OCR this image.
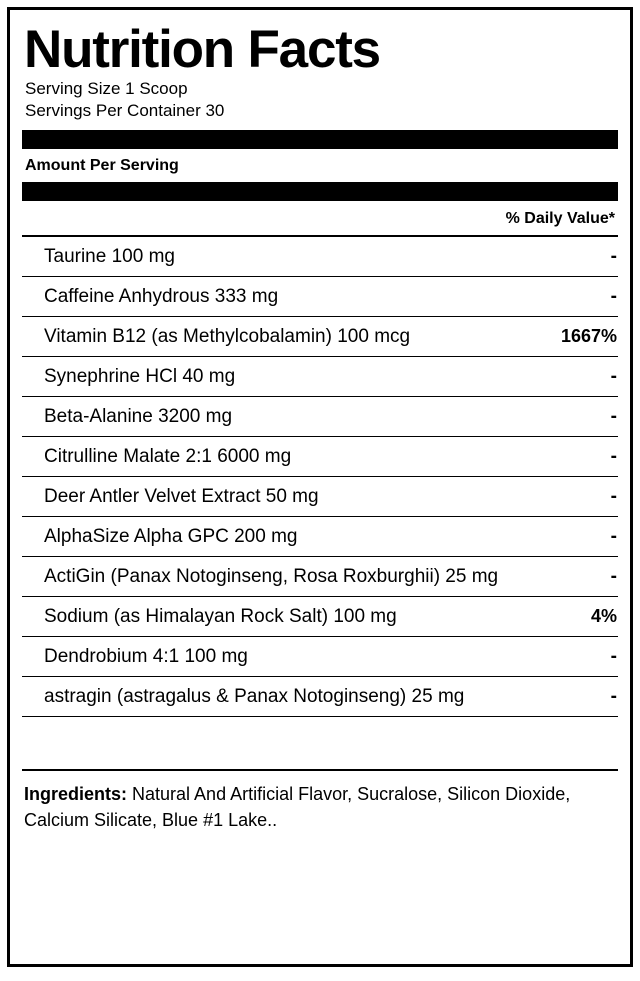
Nutrition Facts
Serving Size 1 Scoop
Servings Per Container 30
Amount Per Serving
% Daily Value*
Taurine 100 mg	-
Caffeine Anhydrous 333 mg	-
Vitamin B12 (as Methylcobalamin) 100 mcg	1667%
Synephrine HCl 40 mg	-
Beta-Alanine 3200 mg	-
Citrulline Malate 2:1 6000 mg	-
Deer Antler Velvet Extract 50 mg	-
AlphaSize Alpha GPC 200 mg	-
ActiGin (Panax Notoginseng, Rosa Roxburghii) 25 mg	-
Sodium (as Himalayan Rock Salt) 100 mg	4%
Dendrobium 4:1 100 mg	-
astragin (astragalus & Panax Notoginseng) 25 mg	-
Ingredients: Natural And Artificial Flavor, Sucralose, Silicon Dioxide, Calcium Silicate, Blue #1 Lake..
